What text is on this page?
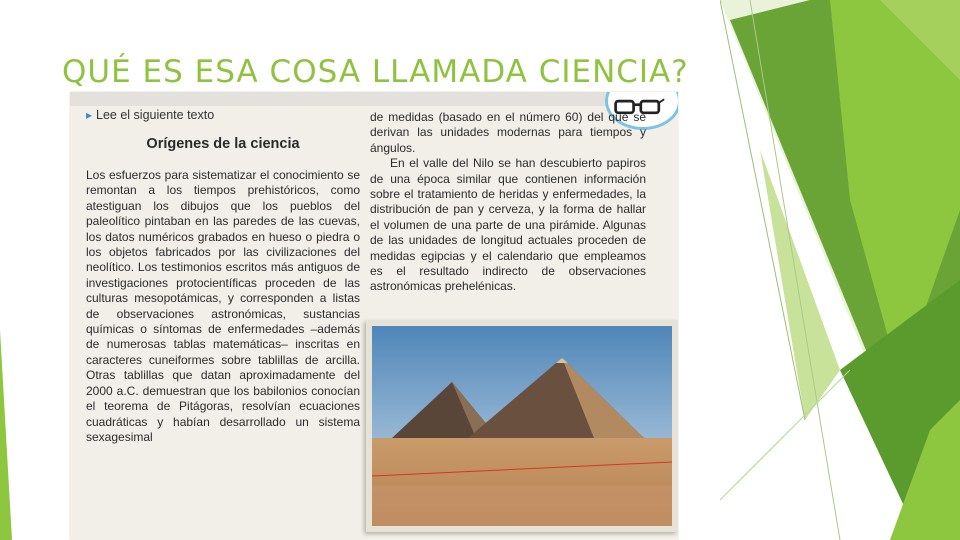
QUÉ ES ESA COSA LLAMADA CIENCIA?
▸ Lee el siguiente texto
Orígenes de la ciencia

Los esfuerzos para sistematizar el conocimiento se remontan a los tiempos prehistóricos, como atestiguan los dibujos que los pueblos del paleolítico pintaban en las paredes de las cuevas, los datos numéricos grabados en hueso o piedra o los objetos fabricados por las civilizaciones del neolítico. Los testimonios escritos más antiguos de investigaciones protocientíficas proceden de las culturas mesopotámicas, y corresponden a listas de observaciones astronómicas, sustancias químicas o síntomas de enfermedades –además de numerosas tablas matemáticas– inscritas en caracteres cuneiformes sobre tablillas de arcilla. Otras tablillas que datan aproximadamente del 2000 a.C. demuestran que los babilonios conocían el teorema de Pitágoras, resolvían ecuaciones cuadráticas y habían desarrollado un sistema sexagesimal

de medidas (basado en el número 60) del que se derivan las unidades modernas para tiempos y ángulos.

En el valle del Nilo se han descubierto papiros de una época similar que contienen información sobre el tratamiento de heridas y enfermedades, la distribución de pan y cerveza, y la forma de hallar el volumen de una parte de una pirámide. Algunas de las unidades de longitud actuales proceden de medidas egipcias y el calendario que empleamos es el resultado indirecto de observaciones astronómicas prehelénicas.
